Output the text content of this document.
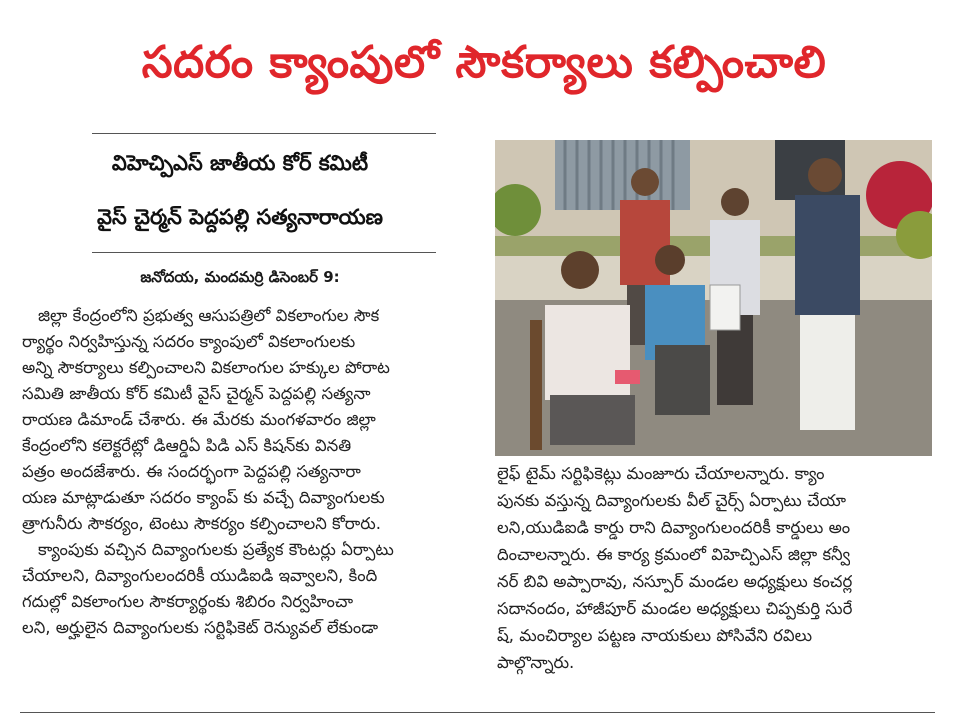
సదరం క్యాంపులో సౌకర్యాలు కల్పించాలి
విహెచ్పిఎస్ జాతీయ కోర్ కమిటీ
వైస్ చైర్మన్ పెద్దపల్లి సత్యనారాయణ
జనోదయ, మందమర్రి డిసెంబర్ 9:
జిల్లా కేంద్రంలోని ప్రభుత్వ ఆసుపత్రిలో వికలాంగుల సౌక
ర్యార్థం నిర్వహిస్తున్న సదరం క్యాంపులో వికలాంగులకు
అన్ని సౌకర్యాలు కల్పించాలని వికలాంగుల హక్కుల పోరాట
సమితి జాతీయ కోర్ కమిటీ వైస్ చైర్మన్ పెద్దపల్లి సత్యనా
రాయణ డిమాండ్ చేశారు. ఈ మేరకు మంగళవారం జిల్లా
కేంద్రంలోని కలెక్టరేట్లో డిఆర్డిఏ పిడి ఎస్ కిషన్‌కు వినతి
పత్రం అందజేశారు. ఈ సందర్భంగా పెద్దపల్లి సత్యనారా
యణ మాట్లాడుతూ సదరం క్యాంప్ కు వచ్చే దివ్యాంగులకు
త్రాగునీరు సౌకర్యం, టెంటు సౌకర్యం కల్పించాలని కోరారు.
క్యాంపుకు వచ్చిన దివ్యాంగులకు ప్రత్యేక కౌంటర్లు ఏర్పాటు
చేయాలని, దివ్యాంగులందరికీ యుడిఐడి ఇవ్వాలని, కింది
గదుల్లో వికలాంగుల సౌకర్యార్థంకు శిబిరం నిర్వహించా
లని, అర్హులైన దివ్యాంగులకు సర్టిఫికెట్ రెన్యువల్ లేకుండా
లైఫ్ టైమ్ సర్టిఫికెట్లు మంజూరు చేయాలన్నారు. క్యాం
పునకు వస్తున్న దివ్యాంగులకు వీల్ చైర్స్ ఏర్పాటు చేయా
లని,యుడిఐడి కార్డు రాని దివ్యాంగులందరికీ కార్డులు అం
దించాలన్నారు. ఈ కార్య క్రమంలో విహెచ్పిఎస్ జిల్లా కన్వీ
నర్ బివి అప్పారావు, నస్పూర్ మండల అధ్యక్షులు కంచర్ల
సదానందం, హాజీపూర్ మండల అధ్యక్షులు చిప్పకుర్తి సురే
ష్, మంచిర్యాల పట్టణ నాయకులు పోసివేని రవిలు
పాల్గొన్నారు.
